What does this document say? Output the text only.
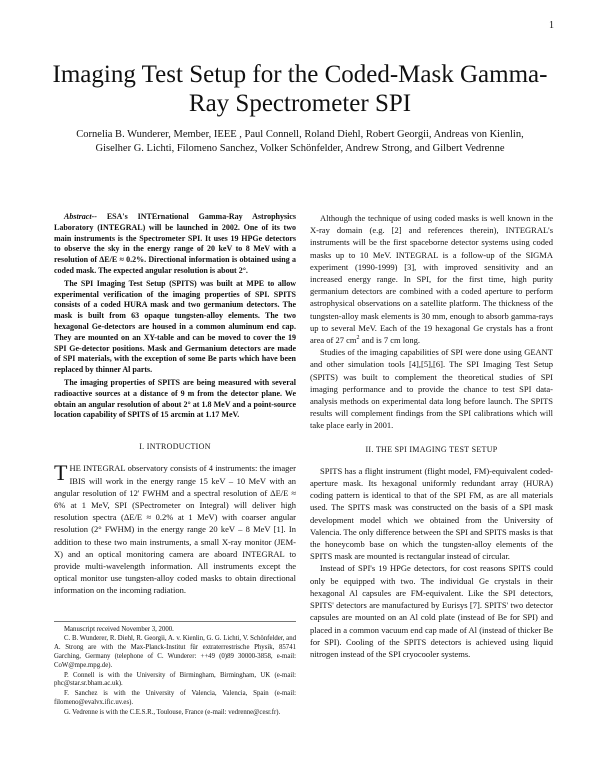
1
Imaging Test Setup for the Coded-Mask Gamma-Ray Spectrometer SPI
Cornelia B. Wunderer, Member, IEEE , Paul Connell, Roland Diehl, Robert Georgii, Andreas von Kienlin, Giselher G. Lichti, Filomeno Sanchez, Volker Schönfelder, Andrew Strong, and Gilbert Vedrenne

Abstract-- ESA's INTErnational Gamma-Ray Astrophysics Laboratory (INTEGRAL) will be launched in 2002. One of its two main instruments is the Spectrometer SPI. It uses 19 HPGe detectors to observe the sky in the energy range of 20 keV to 8 MeV with a resolution of ΔE/E ≈ 0.2%. Directional information is obtained using a coded mask. The expected angular resolution is about 2°.

The SPI Imaging Test Setup (SPITS) was built at MPE to allow experimental verification of the imaging properties of SPI. SPITS consists of a coded HURA mask and two germanium detectors. The mask is built from 63 opaque tungsten-alloy elements. The two hexagonal Ge-detectors are housed in a common aluminum end cap. They are mounted on an XY-table and can be moved to cover the 19 SPI Ge-detector positions. Mask and Germanium detectors are made of SPI materials, with the exception of some Be parts which have been replaced by thinner Al parts.

The imaging properties of SPITS are being measured with several radioactive sources at a distance of 9 m from the detector plane. We obtain an angular resolution of about 2° at 1.8 MeV and a point-source location capability of SPITS of 15 arcmin at 1.17 MeV.

I. INTRODUCTION

THE INTEGRAL observatory consists of 4 instruments: the imager IBIS will work in the energy range 15 keV – 10 MeV with an angular resolution of 12' FWHM and a spectral resolution of ΔE/E ≈ 6% at 1 MeV, SPI (SPectrometer on Integral) will deliver high resolution spectra (ΔE/E ≈ 0.2% at 1 MeV) with coarser angular resolution (2° FWHM) in the energy range 20 keV – 8 MeV [1]. In addition to these two main instruments, a small X-ray monitor (JEM-X) and an optical monitoring camera are aboard INTEGRAL to provide multi-wavelength information. All instruments except the optical monitor use tungsten-alloy coded masks to obtain directional information on the incoming radiation.

Manuscript received November 3, 2000.

C. B. Wunderer, R. Diehl, R. Georgii, A. v. Kienlin, G. G. Lichti, V. Schönfelder, and A. Strong are with the Max-Planck-Institut für extraterrestrische Physik, 85741 Garching, Germany (telephone of C. Wunderer: ++49 (0)89 30000-3858, e-mail: CoW@mpe.mpg.de).

P. Connell is with the University of Birmingham, Birmingham, UK (e-mail: phc@star.sr.bham.ac.uk).

F. Sanchez is with the University of Valencia, Valencia, Spain (e-mail: filomeno@evalvx.ific.uv.es).

G. Vedrenne is with the C.E.S.R., Toulouse, France (e-mail: vedrenne@cesr.fr).

Although the technique of using coded masks is well known in the X-ray domain (e.g. [2] and references therein), INTEGRAL's instruments will be the first spaceborne detector systems using coded masks up to 10 MeV. INTEGRAL is a follow-up of the SIGMA experiment (1990-1999) [3], with improved sensitivity and an increased energy range. In SPI, for the first time, high purity germanium detectors are combined with a coded aperture to perform astrophysical observations on a satellite platform. The thickness of the tungsten-alloy mask elements is 30 mm, enough to absorb gamma-rays up to several MeV. Each of the 19 hexagonal Ge crystals has a front area of 27 $cm^2$ and is 7 cm long.

Studies of the imaging capabilities of SPI were done using GEANT and other simulation tools [4],[5],[6]. The SPI Imaging Test Setup (SPITS) was built to complement the theoretical studies of SPI imaging performance and to provide the chance to test SPI data-analysis methods on experimental data long before launch. The SPITS results will complement findings from the SPI calibrations which will take place early in 2001.

II. THE SPI IMAGING TEST SETUP

SPITS has a flight instrument (flight model, FM)-equivalent coded-aperture mask. Its hexagonal uniformly redundant array (HURA) coding pattern is identical to that of the SPI FM, as are all materials used. The SPITS mask was constructed on the basis of a SPI mask development model which we obtained from the University of Valencia. The only difference between the SPI and SPITS masks is that the honeycomb base on which the tungsten-alloy elements of the SPITS mask are mounted is rectangular instead of circular.

Instead of SPI's 19 HPGe detectors, for cost reasons SPITS could only be equipped with two. The individual Ge crystals in their hexagonal Al capsules are FM-equivalent. Like the SPI detectors, SPITS' detectors are manufactured by Eurisys [7]. SPITS' two detector capsules are mounted on an Al cold plate (instead of Be for SPI) and placed in a common vacuum end cap made of Al (instead of thicker Be for SPI). Cooling of the SPITS detectors is achieved using liquid nitrogen instead of the SPI cryocooler systems.
